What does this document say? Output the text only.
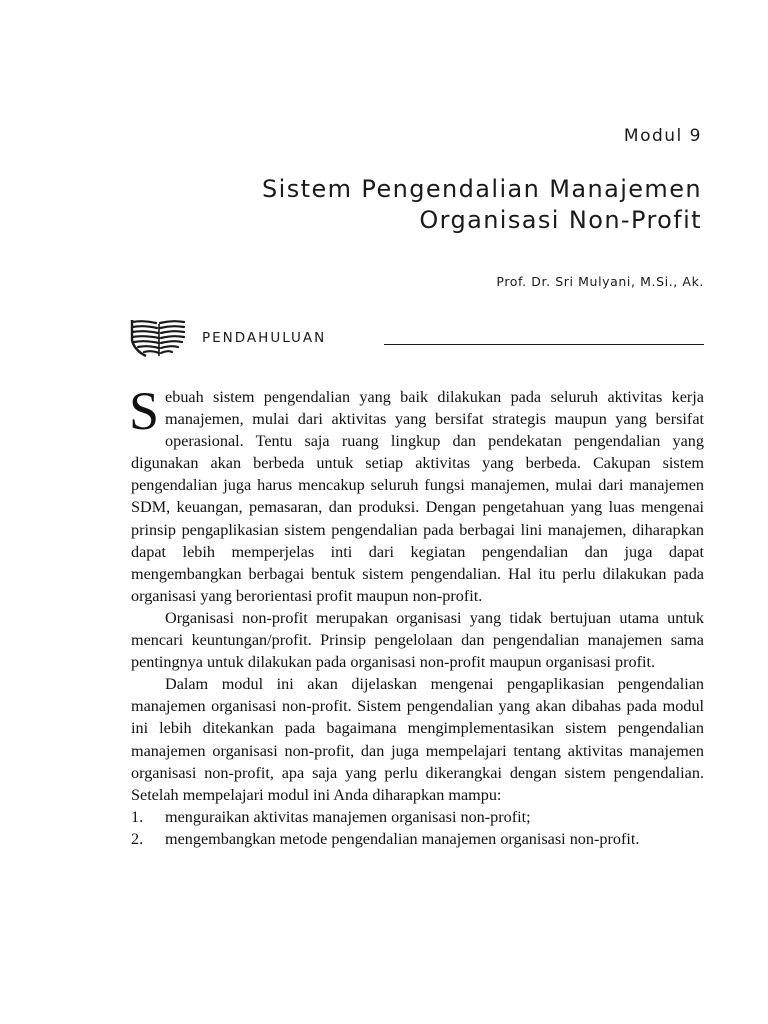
Modul 9
Sistem Pengendalian Manajemen
Organisasi Non-Profit
Prof. Dr. Sri Mulyani, M.Si., Ak.
PENDAHULUAN

Sebuah sistem pengendalian yang baik dilakukan pada seluruh aktivitas kerja manajemen, mulai dari aktivitas yang bersifat strategis maupun yang bersifat operasional. Tentu saja ruang lingkup dan pendekatan pengendalian yang digunakan akan berbeda untuk setiap aktivitas yang berbeda. Cakupan sistem pengendalian juga harus mencakup seluruh fungsi manajemen, mulai dari manajemen SDM, keuangan, pemasaran, dan produksi. Dengan pengetahuan yang luas mengenai prinsip pengaplikasian sistem pengendalian pada berbagai lini manajemen, diharapkan dapat lebih memperjelas inti dari kegiatan pengendalian dan juga dapat mengembangkan berbagai bentuk sistem pengendalian. Hal itu perlu dilakukan pada organisasi yang berorientasi profit maupun non-profit.

Organisasi non-profit merupakan organisasi yang tidak bertujuan utama untuk mencari keuntungan/profit. Prinsip pengelolaan dan pengendalian manajemen sama pentingnya untuk dilakukan pada organisasi non-profit maupun organisasi profit.

Dalam modul ini akan dijelaskan mengenai pengaplikasian pengendalian manajemen organisasi non-profit. Sistem pengendalian yang akan dibahas pada modul ini lebih ditekankan pada bagaimana mengimplementasikan sistem pengendalian manajemen organisasi non-profit, dan juga mempelajari tentang aktivitas manajemen organisasi non-profit, apa saja yang perlu dikerangkai dengan sistem pengendalian. Setelah mempelajari modul ini Anda diharapkan mampu:

1.	menguraikan aktivitas manajemen organisasi non-profit;
2.	mengembangkan metode pengendalian manajemen organisasi non-profit.
